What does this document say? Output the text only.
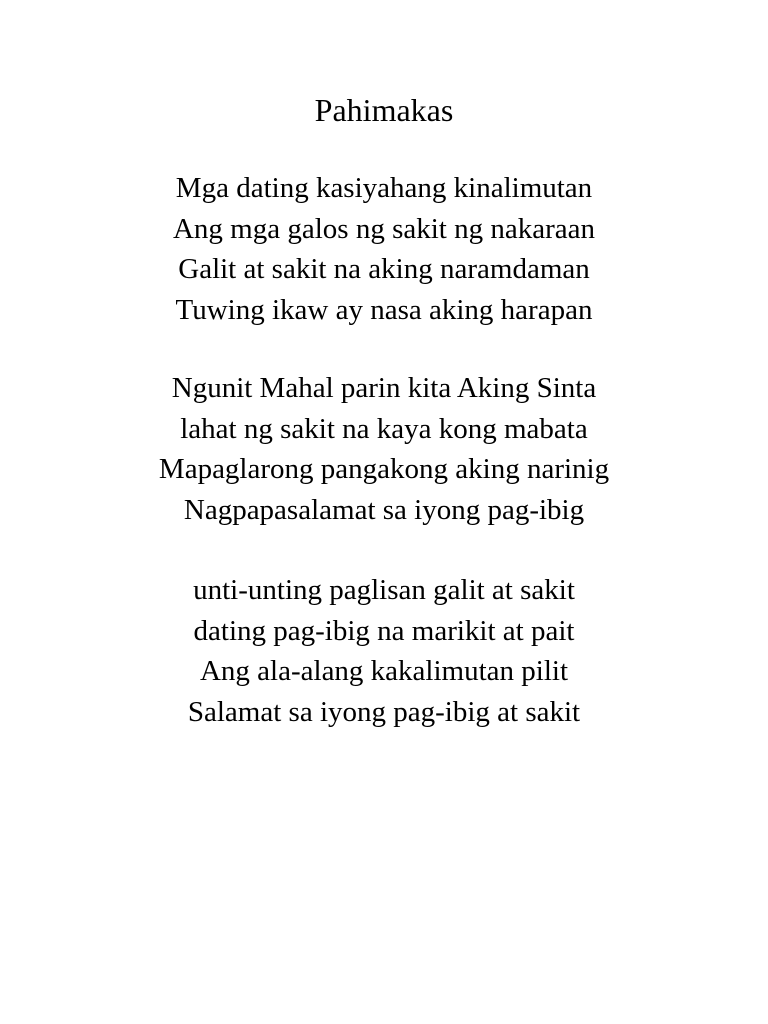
Pahimakas
Mga dating kasiyahang kinalimutan
Ang mga galos ng sakit ng nakaraan
Galit at sakit na aking naramdaman
Tuwing ikaw ay nasa aking harapan
Ngunit Mahal parin kita Aking Sinta
lahat ng sakit na kaya kong mabata
Mapaglarong pangakong aking narinig
Nagpapasalamat sa iyong pag-ibig
unti-unting paglisan galit at sakit
dating pag-ibig na marikit at pait
Ang ala-alang kakalimutan pilit
Salamat sa iyong pag-ibig at sakit
